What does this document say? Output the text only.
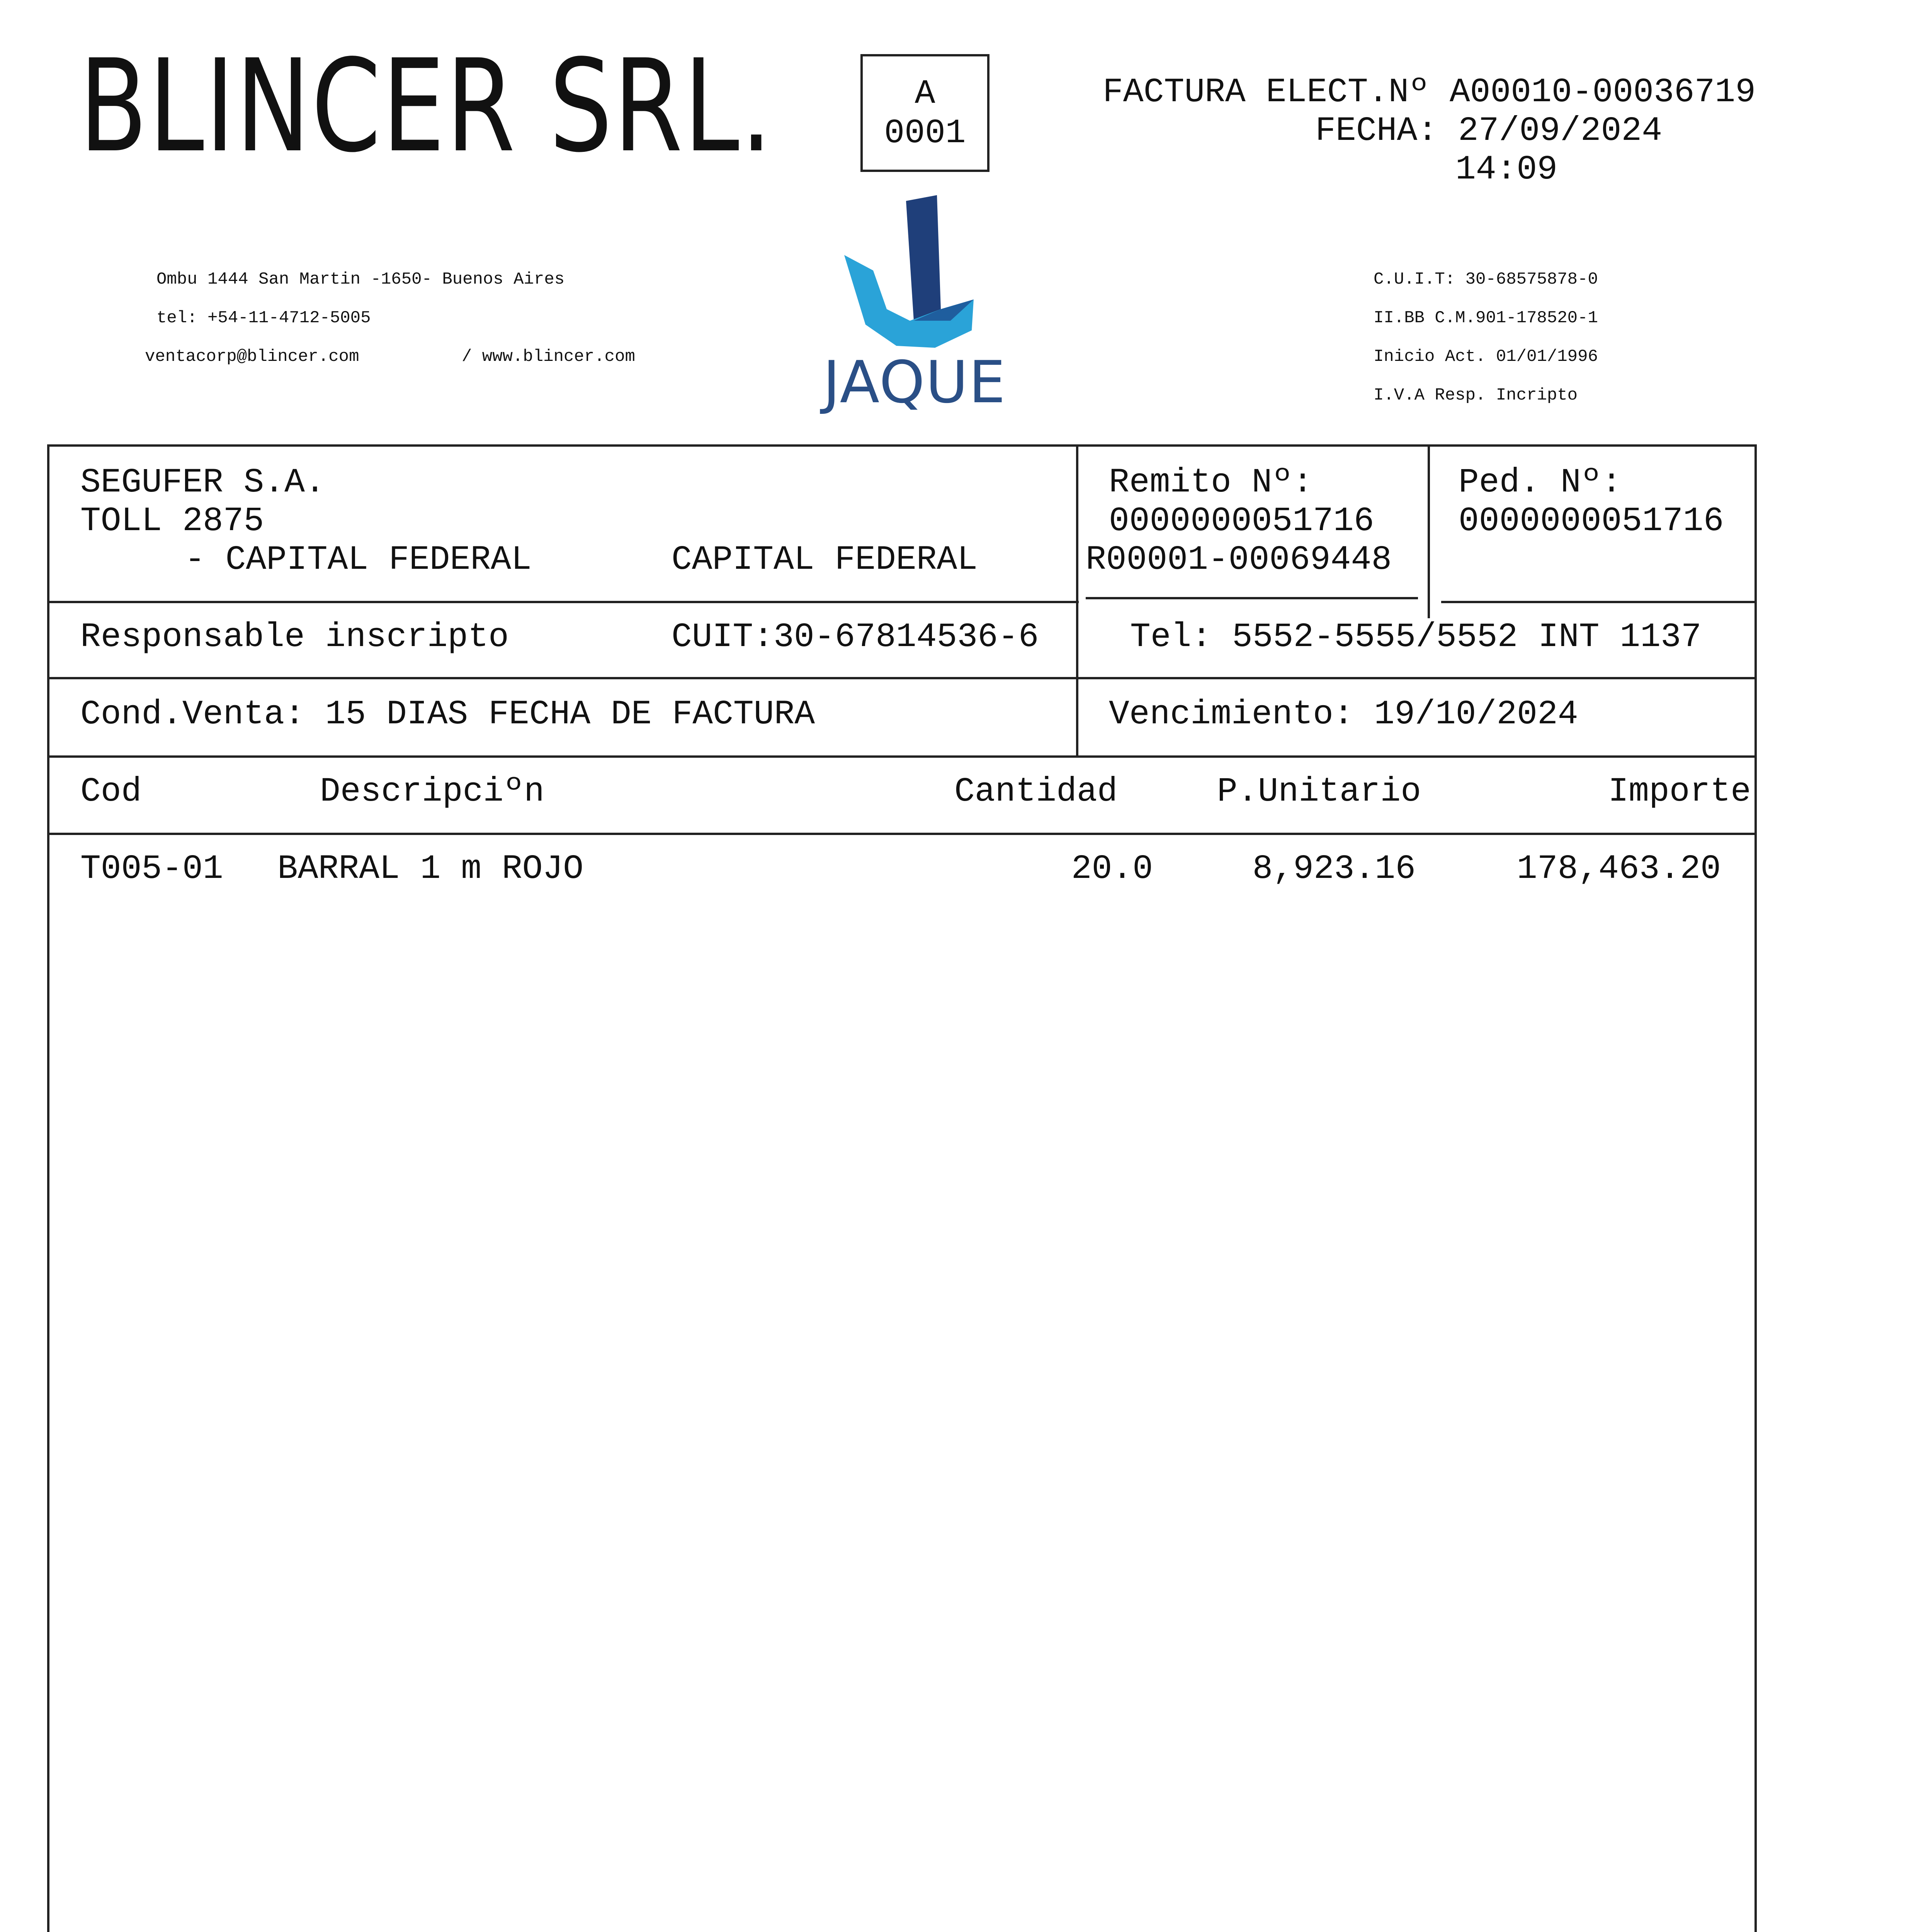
BLINCER SRL.	A
0001
FACTURA ELECT.Nº A00010-00036719
FECHA: 27/09/2024
14:09
Ombu 1444 San Martin -1650- Buenos Aires
tel: +54-11-4712-5005
ventacorp@blincer.com	/ www.blincer.com	JAQUE
C.U.I.T: 30-68575878-0
II.BB C.M.901-178520-1
Inicio Act. 01/01/1996
I.V.A Resp. Incripto
SEGUFER S.A.
TOLL 2875
- CAPITAL FEDERAL	CAPITAL FEDERAL
Remito Nº:
0000000051716
R00001-00069448
Ped. Nº:
0000000051716
Responsable inscripto	CUIT:30-67814536-6	Tel: 5552-5555/5552 INT 1137
Cond.Venta: 15 DIAS FECHA DE FACTURA	Vencimiento: 19/10/2024
Cod	Descripciºn	Cantidad	P.Unitario	Importe
T005-01 BARRAL 1 m ROJO	20.0	8,923.16	178,463.20
